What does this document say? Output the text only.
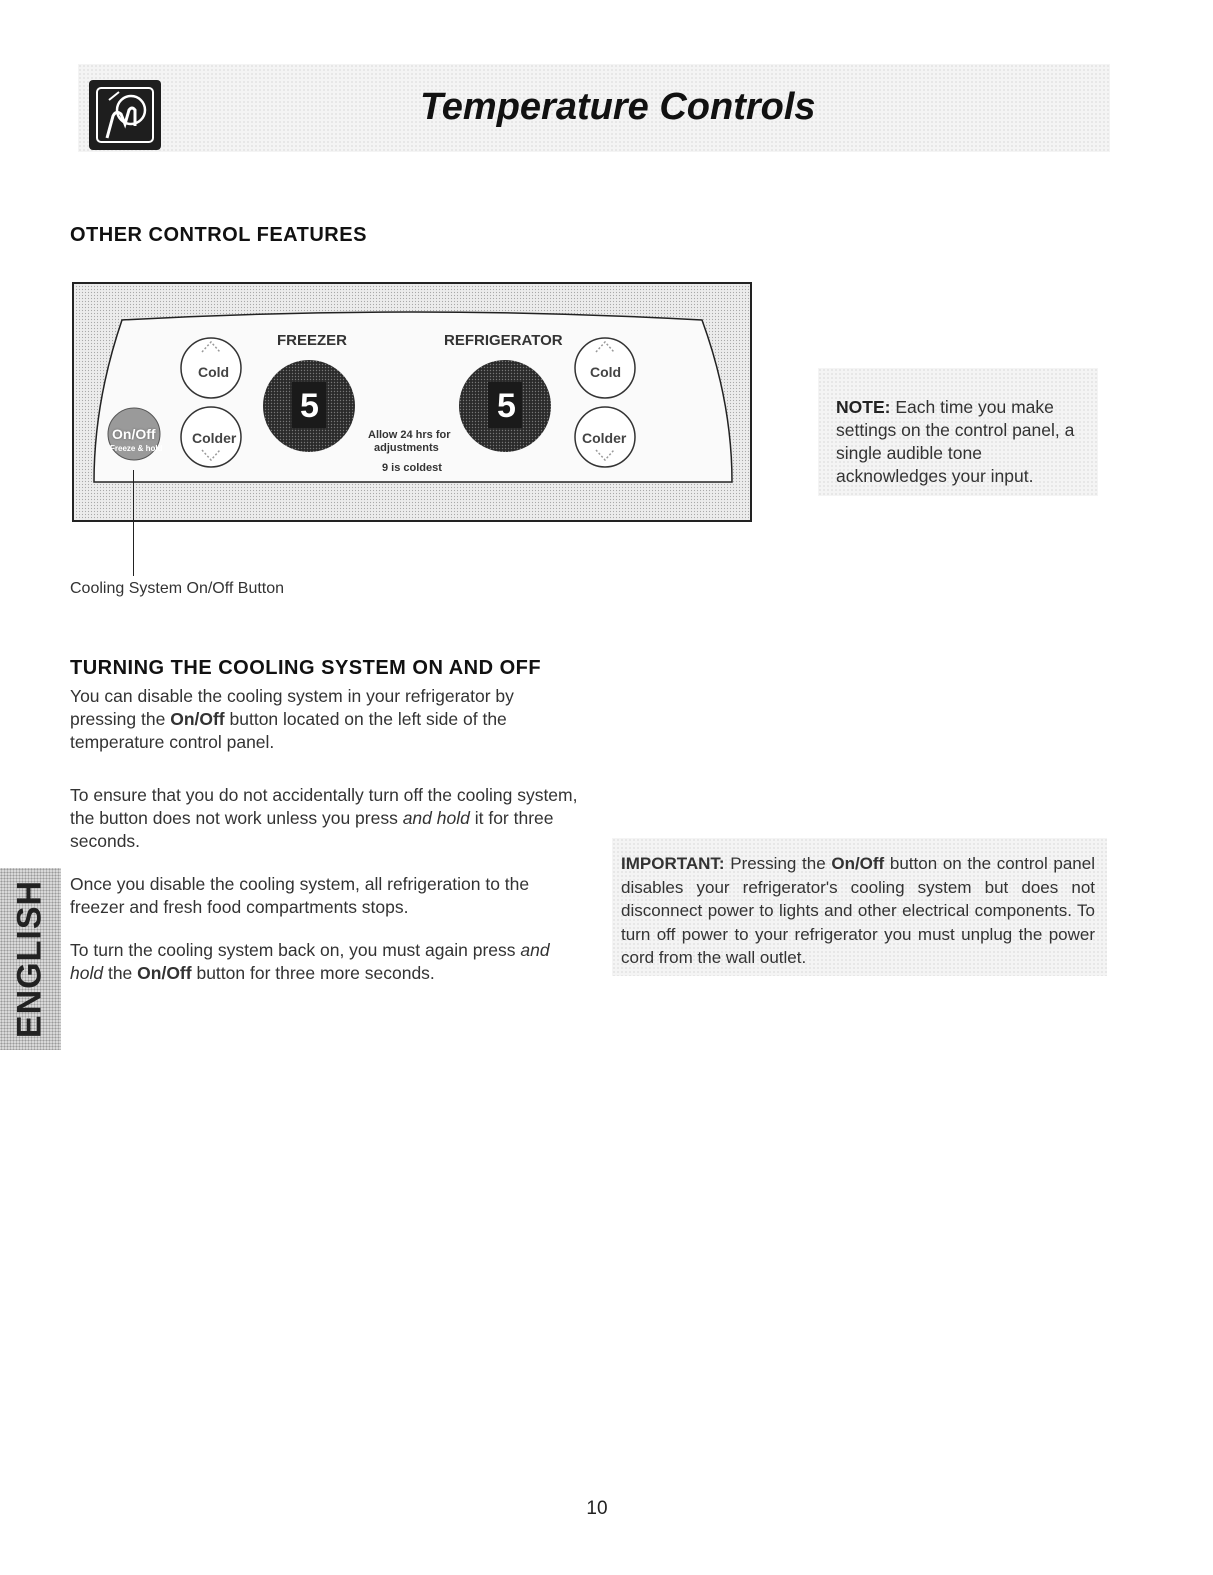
Temperature Controls
OTHER CONTROL FEATURES
FREEZER	REFRIGERATOR
Cold	Cold
Colder	Colder
On/Off
Freeze & hold
5	5
Allow 24 hrs for
adjustments
9 is coldest
Cooling System On/Off Button
NOTE: Each time you make settings on the control panel, a single audible tone acknowledges your input.
TURNING THE COOLING SYSTEM ON AND OFF

You can disable the cooling system in your refrigerator by pressing the On/Off button located on the left side of the temperature control panel.

To ensure that you do not accidentally turn off the cooling system, the button does not work unless you press and hold it for three seconds.

Once you disable the cooling system, all refrigeration to the freezer and fresh food compartments stops.

To turn the cooling system back on, you must again press and hold the On/Off button for three more seconds.

IMPORTANT: Pressing the On/Off button on the control panel disables your refrigerator's cooling system but does not disconnect power to lights and other electrical components. To turn off power to your refrigerator you must unplug the power cord from the wall outlet.
ENGLISH
10
